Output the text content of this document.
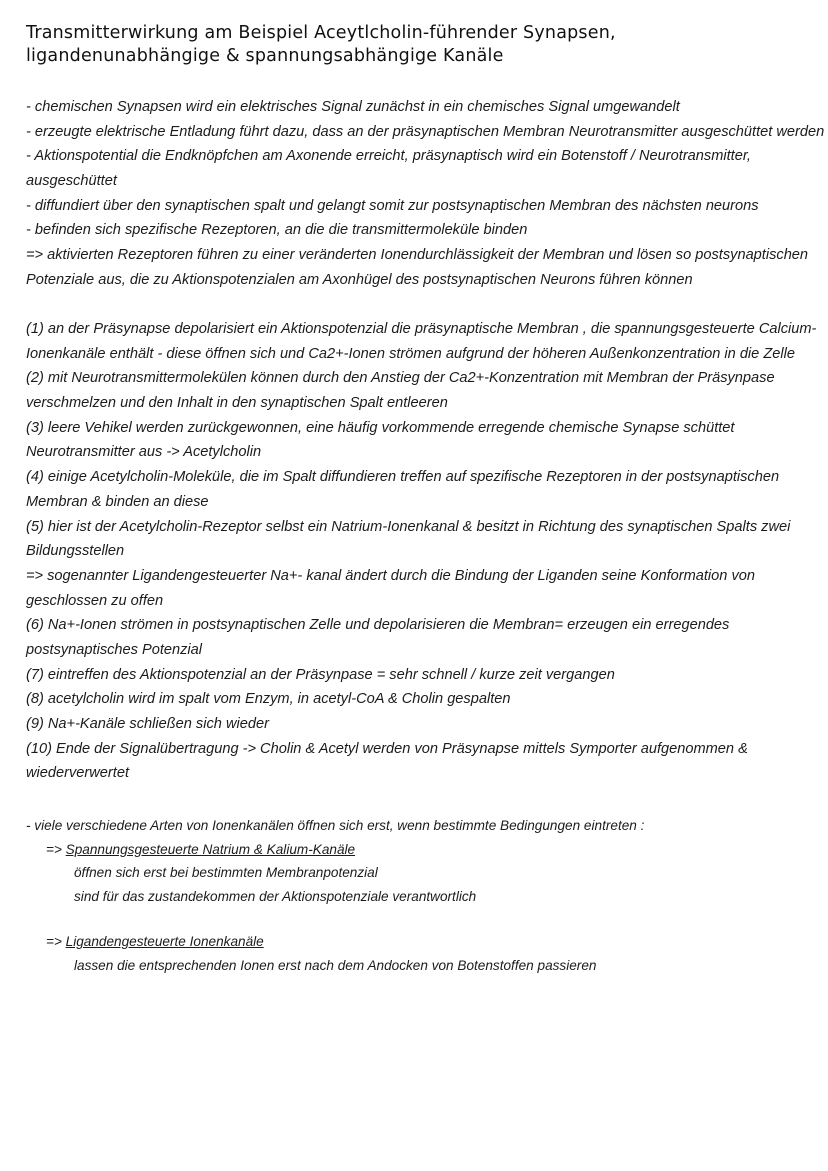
Transmitterwirkung am Beispiel Aceytlcholin-führender Synapsen,
ligandenunabhängige & spannungsabhängige Kanäle
- chemischen Synapsen wird ein elektrisches Signal zunächst in ein chemisches Signal umgewandelt
- erzeugte elektrische Entladung führt dazu, dass an der präsynaptischen Membran Neurotransmitter ausgeschüttet werden
- Aktionspotential die Endknöpfchen am Axonende erreicht, präsynaptisch wird ein Botenstoff / Neurotransmitter,
ausgeschüttet
- diffundiert über den synaptischen spalt und gelangt somit zur postsynaptischen Membran des nächsten neurons
- befinden sich spezifische Rezeptoren, an die die transmittermoleküle binden
=> aktivierten Rezeptoren führen zu einer veränderten Ionendurchlässigkeit der Membran und lösen so postsynaptischen
Potenziale aus, die zu Aktionspotenzialen am Axonhügel des postsynaptischen Neurons führen können
(1) an der Präsynapse depolarisiert ein Aktionspotenzial die präsynaptische Membran , die spannungsgesteuerte Calcium-
Ionenkanäle enthält - diese öffnen sich und Ca2+-Ionen strömen aufgrund der höheren Außenkonzentration in die Zelle
(2) mit Neurotransmittermolekülen können durch den Anstieg der Ca2+-Konzentration mit Membran der Präsynpase
verschmelzen und den Inhalt in den synaptischen Spalt entleeren
(3) leere Vehikel werden zurückgewonnen, eine häufig vorkommende erregende chemische Synapse schüttet
Neurotransmitter aus -> Acetylcholin
(4) einige Acetylcholin-Moleküle, die im Spalt diffundieren treffen auf spezifische Rezeptoren in der postsynaptischen
Membran & binden an diese
(5) hier ist der Acetylcholin-Rezeptor selbst ein Natrium-Ionenkanal & besitzt in Richtung des synaptischen Spalts zwei
Bildungsstellen
=> sogenannter Ligandengesteuerter Na+- kanal ändert durch die Bindung der Liganden seine Konformation von
geschlossen zu offen
(6) Na+-Ionen strömen in postsynaptischen Zelle und depolarisieren die Membran= erzeugen ein erregendes
postsynaptisches Potenzial
(7) eintreffen des Aktionspotenzial an der Präsynpase = sehr schnell / kurze zeit vergangen
(8) acetylcholin wird im spalt vom Enzym, in acetyl-CoA & Cholin gespalten
(9) Na+-Kanäle schließen sich wieder
(10) Ende der Signalübertragung -> Cholin & Acetyl werden von Präsynapse mittels Symporter aufgenommen &
wiederverwertet
- viele verschiedene Arten von Ionenkanälen öffnen sich erst, wenn bestimmte Bedingungen eintreten :
=> Spannungsgesteuerte Natrium & Kalium-Kanäle
öffnen sich erst bei bestimmten Membranpotenzial
sind für das zustandekommen der Aktionspotenziale verantwortlich
=> Ligandengesteuerte Ionenkanäle
lassen die entsprechenden Ionen erst nach dem Andocken von Botenstoffen passieren
